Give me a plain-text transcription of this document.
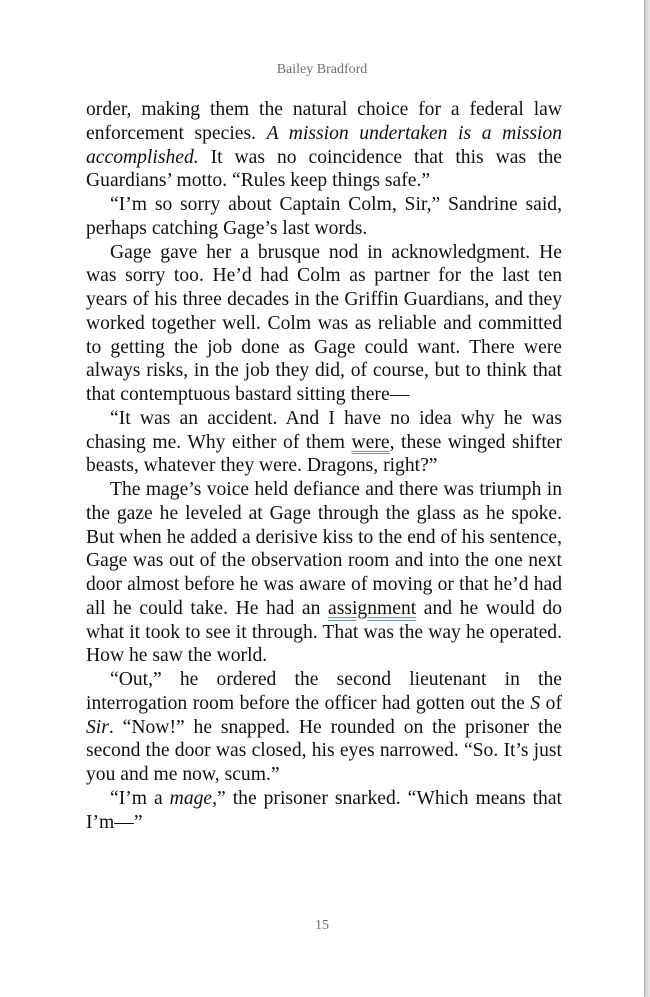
Bailey Bradford

order, making them the natural choice for a federal law enforcement species. A mission undertaken is a mission accomplished. It was no coincidence that this was the Guardians’ motto. “Rules keep things safe.”

“I’m so sorry about Captain Colm, Sir,” Sandrine said, perhaps catching Gage’s last words.

Gage gave her a brusque nod in acknowledgment. He was sorry too. He’d had Colm as partner for the last ten years of his three decades in the Griffin Guardians, and they worked together well. Colm was as reliable and committed to getting the job done as Gage could want. There were always risks, in the job they did, of course, but to think that that contemptuous bastard sitting there—

“It was an accident. And I have no idea why he was chasing me. Why either of them were, these winged shifter beasts, whatever they were. Dragons, right?”

The mage’s voice held defiance and there was triumph in the gaze he leveled at Gage through the glass as he spoke. But when he added a derisive kiss to the end of his sentence, Gage was out of the observation room and into the one next door almost before he was aware of moving or that he’d had all he could take. He had an assignment and he would do what it took to see it through. That was the way he operated. How he saw the world.

“Out,” he ordered the second lieutenant in the interrogation room before the officer had gotten out the S of Sir. “Now!” he snapped. He rounded on the prisoner the second the door was closed, his eyes narrowed. “So. It’s just you and me now, scum.”

“I’m a mage,” the prisoner snarked. “Which means that I’m—”

15
